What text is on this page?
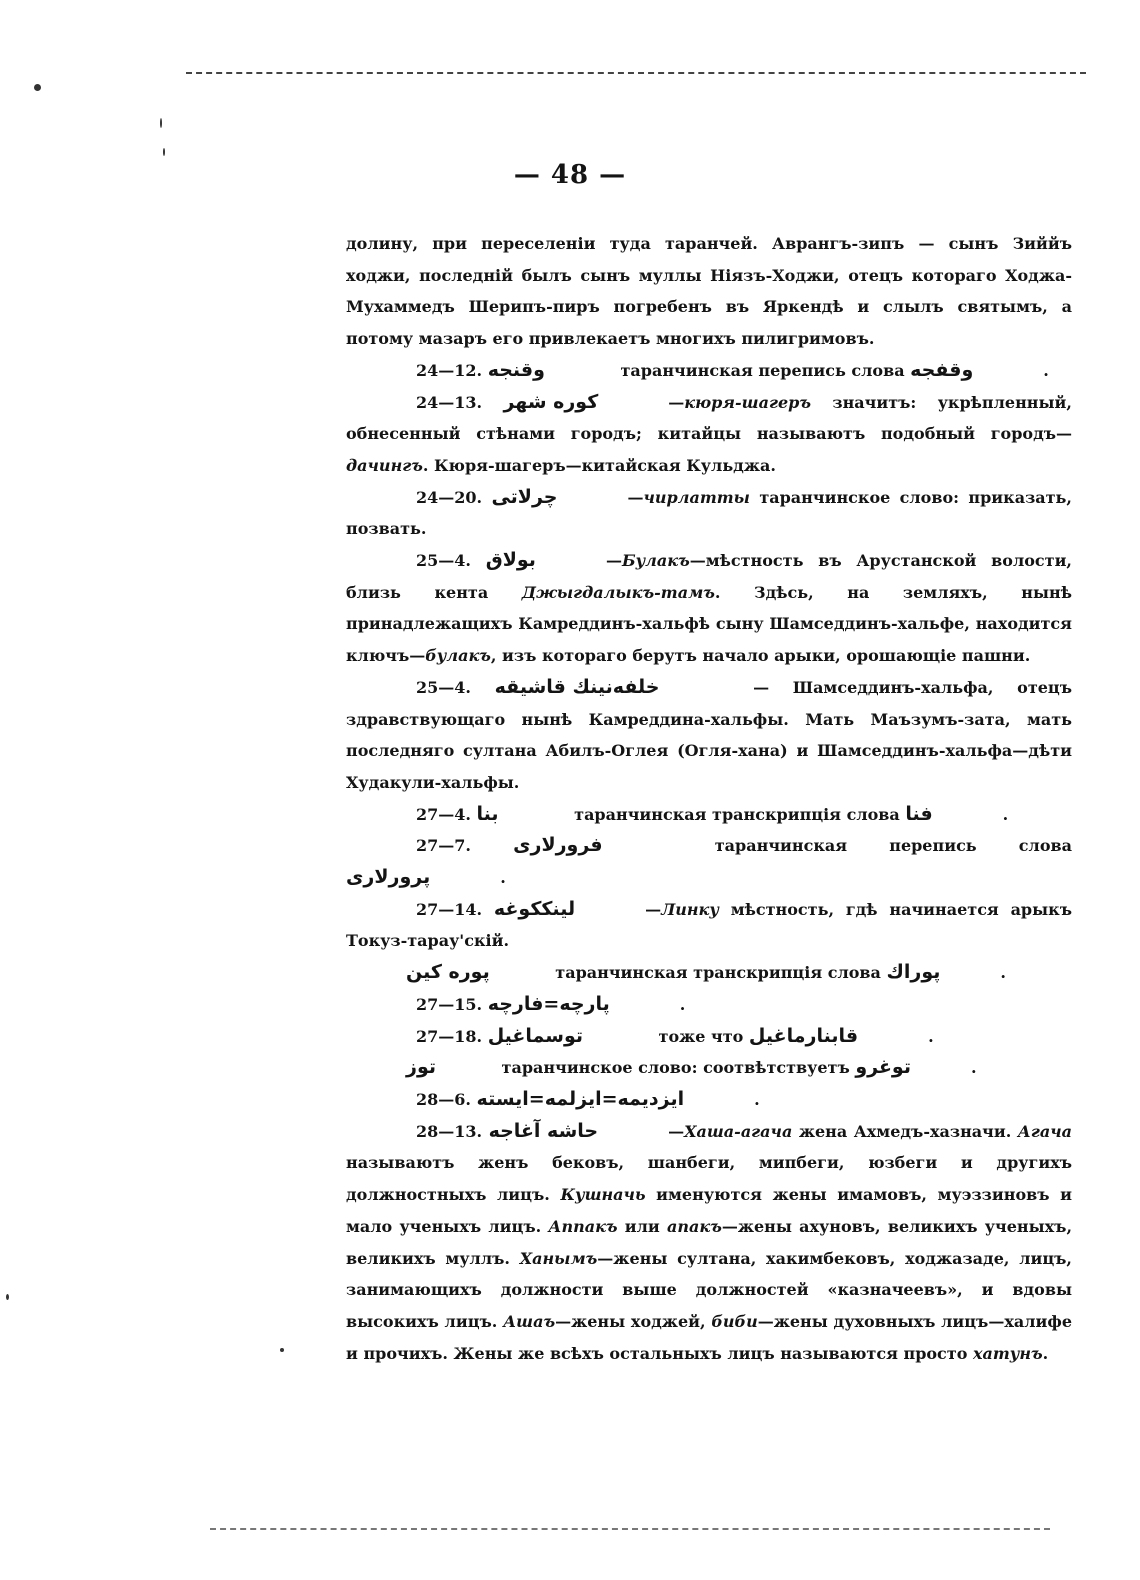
— 48 —

долину, при переселеніи туда таранчей. Аврангъ-зипъ — сынъ Зиййъ ходжи, последній былъ сынъ муллы Ніязъ-Ходжи, отецъ котораго Ходжа-Мухаммедъ Шерипъ-пиръ погребенъ въ Яркендѣ и слылъ святымъ, а потому мазаръ его привлекаетъ многихъ пилигримовъ.

24—12. وقنجه	таранчинская перепись слова وقفجه	.

24—13. کوره شهر	—кюря-шагеръ значитъ: укрѣпленный, обнесенный стѣнами городъ; китайцы называютъ подобный городъ—дачингъ. Кюря-шагеръ—китайская Кульджа.

24—20. چرلاتى	—чирлатты таранчинское слово: приказать, позвать.

25—4. بولاق	—Булакъ—мѣстность въ Арустанской волости, близь кента Джыгдалыкъ-тамъ. Здѣсь, на земляхъ, нынѣ принадлежащихъ Камреддинъ-хальфѣ сыну Шамседдинъ-хальфе, находится ключъ—булакъ, изъ котораго берутъ начало арыки, орошающіе пашни.

25—4. خلفه‌نینك قاشیقه	— Шамседдинъ-хальфа, отецъ здравствующаго нынѣ Камреддина-хальфы. Мать Маъзумъ-зата, мать последняго султана Абилъ-Оглея (Огля-хана) и Шамседдинъ-хальфа—дѣти Худакули-хальфы.

27—4. بنا	таранчинская транскрипція слова فنا	.

27—7. فرورلارى	таранчинская перепись слова پرورلارى	.

27—14. لینککوغه	—Линку мѣстность, гдѣ начинается арыкъ Токуз-тарау'скій.

پوره کین	таранчинская транскрипція слова پوراك	.

27—15. پارچه=فارچه	.

27—18. توسماغیل	тоже что قابنارماغیل	.

توز	таранчинское слово: соотвѣтствуетъ توغرو	.

28—6. ایزدیمه=ایزلمه=ایسته	.

28—13. حاشه آغاجه	—Хаша-агача жена Ахмедъ-хазначи. Агача называютъ женъ бековъ, шанбеги, мипбеги, юзбеги и другихъ должностныхъ лицъ. Кушначь именуются жены имамовъ, муэззиновъ и мало ученыхъ лицъ. Аппакъ или апакъ—жены ахуновъ, великихъ ученыхъ, великихъ муллъ. Ханымъ—жены султана, хакимбековъ, ходжазаде, лицъ, занимающихъ должности выше должностей «казначеевъ», и вдовы высокихъ лицъ. Ашаъ—жены ходжей, биби—жены духовныхъ лицъ—халифе и прочихъ. Жены же всѣхъ остальныхъ лицъ называются просто хатунъ.
